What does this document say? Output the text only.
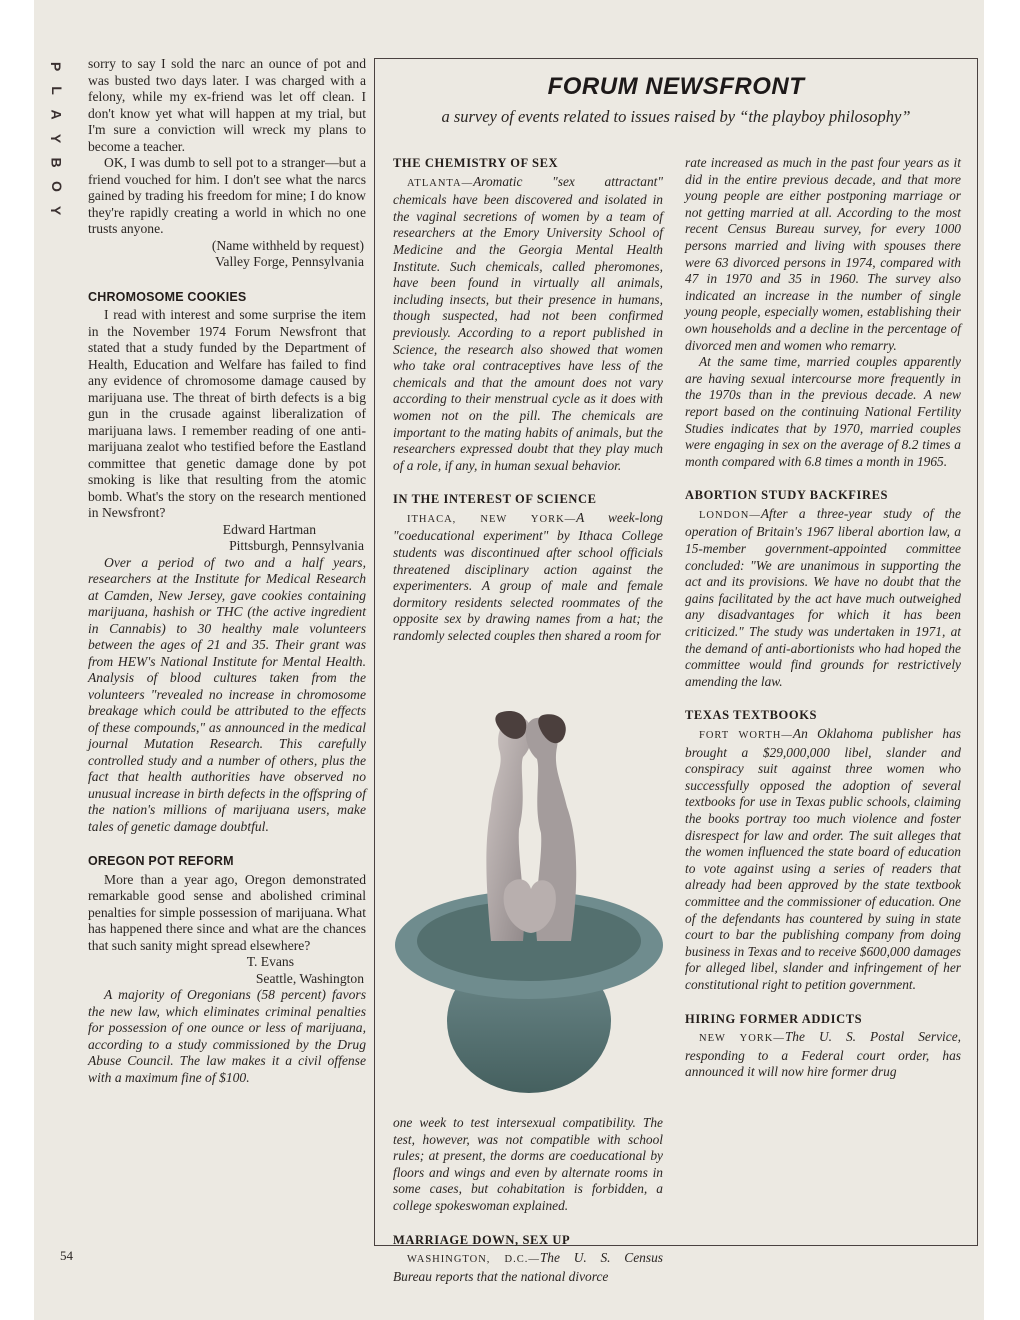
P
L
A
Y
B
O
Y
54

sorry to say I sold the narc an ounce of pot and was busted two days later. I was charged with a felony, while my ex-friend was let off clean. I don't know yet what will happen at my trial, but I'm sure a conviction will wreck my plans to become a teacher.

OK, I was dumb to sell pot to a stranger—but a friend vouched for him. I don't see what the narcs gained by trading his freedom for mine; I do know they're rapidly creating a world in which no one trusts anyone.

(Name withheld by request)

Valley Forge, Pennsylvania

CHROMOSOME COOKIES

I read with interest and some surprise the item in the November 1974 Forum Newsfront that stated that a study funded by the Department of Health, Education and Welfare has failed to find any evidence of chromosome damage caused by marijuana use. The threat of birth defects is a big gun in the crusade against liberalization of marijuana laws. I remember reading of one anti-marijuana zealot who testified before the Eastland committee that genetic damage done by pot smoking is like that resulting from the atomic bomb. What's the story on the research mentioned in Newsfront?

Edward Hartman

Pittsburgh, Pennsylvania

Over a period of two and a half years, researchers at the Institute for Medical Research at Camden, New Jersey, gave cookies containing marijuana, hashish or THC (the active ingredient in Cannabis) to 30 healthy male volunteers between the ages of 21 and 35. Their grant was from HEW's National Institute for Mental Health. Analysis of blood cultures taken from the volunteers "revealed no increase in chromosome breakage which could be attributed to the effects of these compounds," as announced in the medical journal Mutation Research. This carefully controlled study and a number of others, plus the fact that health authorities have observed no unusual increase in birth defects in the offspring of the nation's millions of marijuana users, make tales of genetic damage doubtful.

OREGON POT REFORM

More than a year ago, Oregon demonstrated remarkable good sense and abolished criminal penalties for simple possession of marijuana. What has happened there since and what are the chances that such sanity might spread elsewhere?

T. Evans

Seattle, Washington

A majority of Oregonians (58 percent) favors the new law, which eliminates criminal penalties for possession of one ounce or less of marijuana, according to a study commissioned by the Drug Abuse Council. The law makes it a civil offense with a maximum fine of $100.

FORUM NEWSFRONT
a survey of events related to issues raised by “the playboy philosophy”
THE CHEMISTRY OF SEX

ATLANTA—Aromatic "sex attractant" chemicals have been discovered and isolated in the vaginal secretions of women by a team of researchers at the Emory University School of Medicine and the Georgia Mental Health Institute. Such chemicals, called pheromones, have been found in virtually all animals, including insects, but their presence in humans, though suspected, had not been confirmed previously. According to a report published in Science, the research also showed that women who take oral contraceptives have less of the chemicals and that the amount does not vary according to their menstrual cycle as it does with women not on the pill. The chemicals are important to the mating habits of animals, but the researchers expressed doubt that they play much of a role, if any, in human sexual behavior.

IN THE INTEREST OF SCIENCE

ITHACA, NEW YORK—A week-long "coeducational experiment" by Ithaca College students was discontinued after school officials threatened disciplinary action against the experimenters. A group of male and female dormitory residents selected roommates of the opposite sex by drawing names from a hat; the randomly selected couples then shared a room for

one week to test intersexual compatibility. The test, however, was not compatible with school rules; at present, the dorms are coeducational by floors and wings and even by alternate rooms in some cases, but cohabitation is forbidden, a college spokeswoman explained.

MARRIAGE DOWN, SEX UP

WASHINGTON, D.C.—The U. S. Census Bureau reports that the national divorce

rate increased as much in the past four years as it did in the entire previous decade, and that more young people are either postponing marriage or not getting married at all. According to the most recent Census Bureau survey, for every 1000 persons married and living with spouses there were 63 divorced persons in 1974, compared with 47 in 1970 and 35 in 1960. The survey also indicated an increase in the number of single young people, especially women, establishing their own households and a decline in the percentage of divorced men and women who remarry.

At the same time, married couples apparently are having sexual intercourse more frequently in the 1970s than in the previous decade. A new report based on the continuing National Fertility Studies indicates that by 1970, married couples were engaging in sex on the average of 8.2 times a month compared with 6.8 times a month in 1965.

ABORTION STUDY BACKFIRES

LONDON—After a three-year study of the operation of Britain's 1967 liberal abortion law, a 15-member government-appointed committee concluded: "We are unanimous in supporting the act and its provisions. We have no doubt that the gains facilitated by the act have much outweighed any disadvantages for which it has been criticized." The study was undertaken in 1971, at the demand of anti-abortionists who had hoped the committee would find grounds for restrictively amending the law.

TEXAS TEXTBOOKS

FORT WORTH—An Oklahoma publisher has brought a $29,000,000 libel, slander and conspiracy suit against three women who successfully opposed the adoption of several textbooks for use in Texas public schools, claiming the books portray too much violence and foster disrespect for law and order. The suit alleges that the women influenced the state board of education to vote against using a series of readers that already had been approved by the state textbook committee and the commissioner of education. One of the defendants has countered by suing in state court to bar the publishing company from doing business in Texas and to receive $600,000 damages for alleged libel, slander and infringement of her constitutional right to petition government.

HIRING FORMER ADDICTS

NEW YORK—The U. S. Postal Service, responding to a Federal court order, has announced it will now hire former drug
